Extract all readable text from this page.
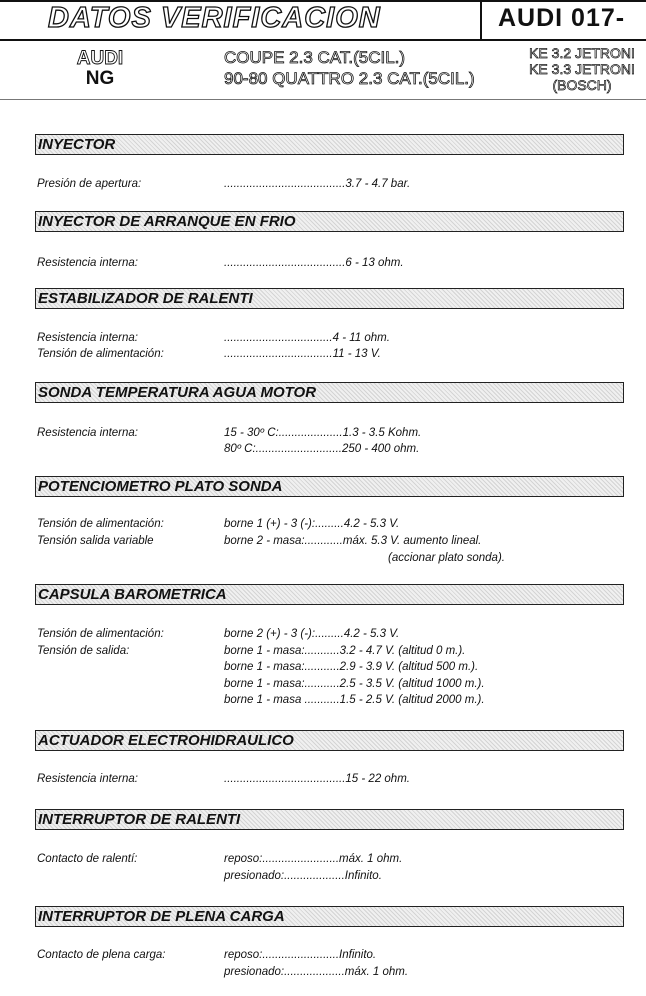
DATOS VERIFICACION	AUDI 017-
AUDI
NG
COUPE 2.3 CAT.(5CIL.)
90-80 QUATTRO 2.3 CAT.(5CIL.)
KE 3.2 JETRONI
KE 3.3 JETRONI
(BOSCH)
INYECTOR
Presión de apertura:	......................................3.7 - 4.7 bar.
INYECTOR DE ARRANQUE EN FRIO
Resistencia interna:	......................................6 - 13 ohm.
ESTABILIZADOR DE RALENTI
Resistencia interna:	..................................4 - 11 ohm.
Tensión de alimentación:	..................................11 - 13 V.
SONDA TEMPERATURA AGUA MOTOR
Resistencia interna:	15 - 30º C:....................1.3 - 3.5 Kohm.
80º C:...........................250 - 400 ohm.
POTENCIOMETRO PLATO SONDA
Tensión de alimentación:	borne 1 (+) - 3 (-):.........4.2 - 5.3 V.
Tensión salida variable	borne 2 - masa:............máx. 5.3 V. aumento lineal.
(accionar plato sonda).
CAPSULA BAROMETRICA
Tensión de alimentación:	borne 2 (+) - 3 (-):.........4.2 - 5.3 V.
Tensión de salida:	borne 1 - masa:...........3.2 - 4.7 V. (altitud 0 m.).
borne 1 - masa:...........2.9 - 3.9 V. (altitud 500 m.).
borne 1 - masa:...........2.5 - 3.5 V. (altitud 1000 m.).
borne 1 - masa ...........1.5 - 2.5 V. (altitud 2000 m.).
ACTUADOR ELECTROHIDRAULICO
Resistencia interna:	......................................15 - 22 ohm.
INTERRUPTOR DE RALENTI
Contacto de ralentí:	reposo:........................máx. 1 ohm.
presionado:...................Infinito.
INTERRUPTOR DE PLENA CARGA
Contacto de plena carga:	reposo:........................Infinito.
presionado:...................máx. 1 ohm.
